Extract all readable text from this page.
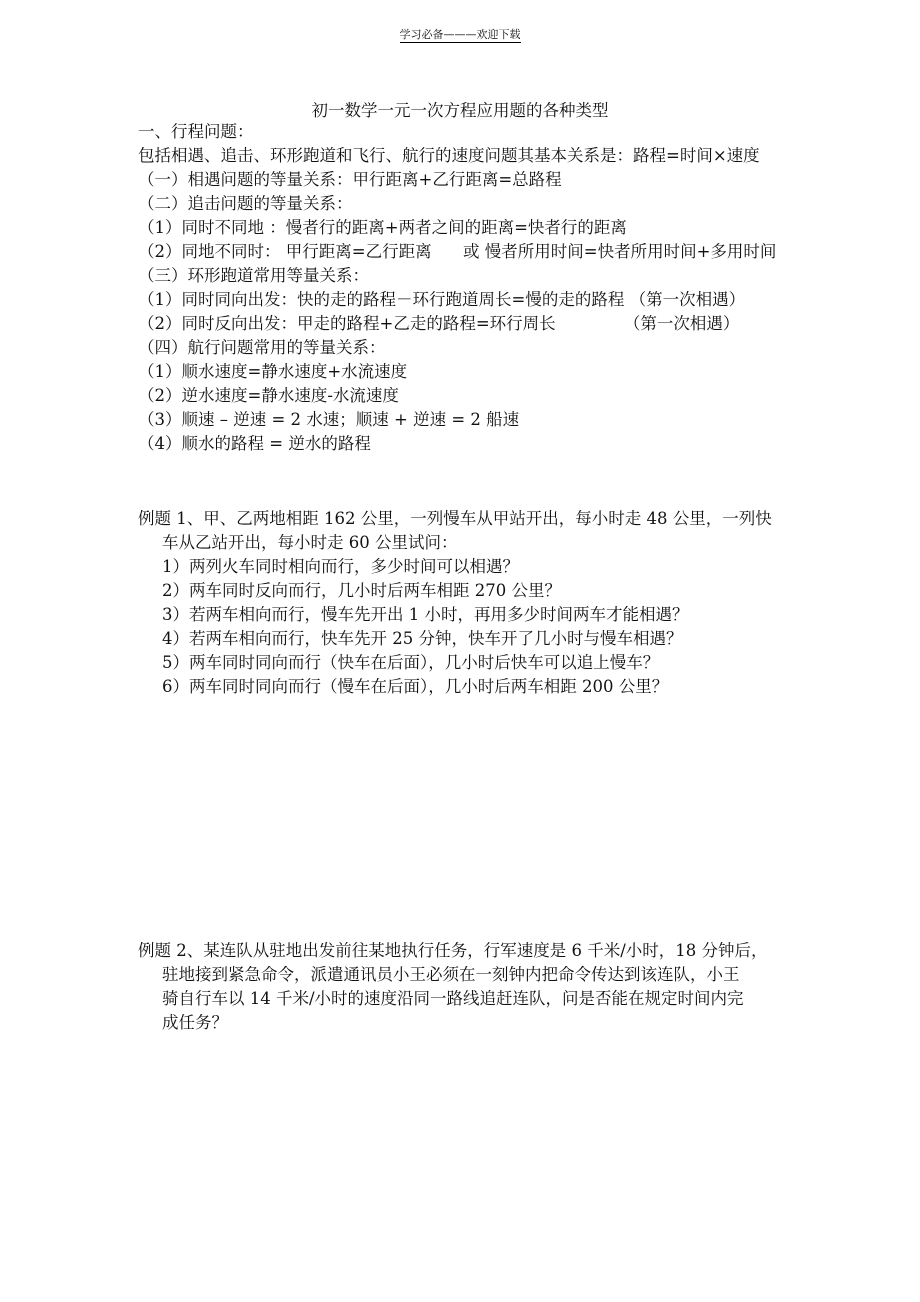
学习必备———欢迎下载
初一数学一元一次方程应用题的各种类型
一、行程问题：
包括相遇、追击、环形跑道和飞行、航行的速度问题其基本关系是：路程=时间×速度
（一）相遇问题的等量关系：甲行距离+乙行距离=总路程
（二）追击问题的等量关系：
（1）同时不同地 ：慢者行的距离+两者之间的距离=快者行的距离
（2）同地不同时： 甲行距离=乙行距离      或 慢者所用时间=快者所用时间+多用时间
（三）环形跑道常用等量关系：
（1）同时同向出发：快的走的路程－环行跑道周长=慢的走的路程 （第一次相遇）
（2）同时反向出发：甲走的路程+乙走的路程=环行周长             （第一次相遇）
（四）航行问题常用的等量关系：
（1）顺水速度=静水速度+水流速度
（2）逆水速度=静水速度-水流速度
（3）顺速 – 逆速 = 2 水速；顺速 + 逆速 = 2 船速
（4）顺水的路程 = 逆水的路程
例题 1、甲、乙两地相距 162 公里，一列慢车从甲站开出，每小时走 48 公里，一列快
车从乙站开出，每小时走 60 公里试问：
1）两列火车同时相向而行，多少时间可以相遇？
2）两车同时反向而行，几小时后两车相距 270 公里？
3）若两车相向而行，慢车先开出 1 小时，再用多少时间两车才能相遇？
4）若两车相向而行，快车先开 25 分钟，快车开了几小时与慢车相遇？
5）两车同时同向而行（快车在后面），几小时后快车可以追上慢车？
6）两车同时同向而行（慢车在后面），几小时后两车相距 200 公里？
例题 2、某连队从驻地出发前往某地执行任务，行军速度是 6 千米/小时，18 分钟后，
驻地接到紧急命令，派遣通讯员小王必须在一刻钟内把命令传达到该连队，小王
骑自行车以 14 千米/小时的速度沿同一路线追赶连队，问是否能在规定时间内完
成任务？
